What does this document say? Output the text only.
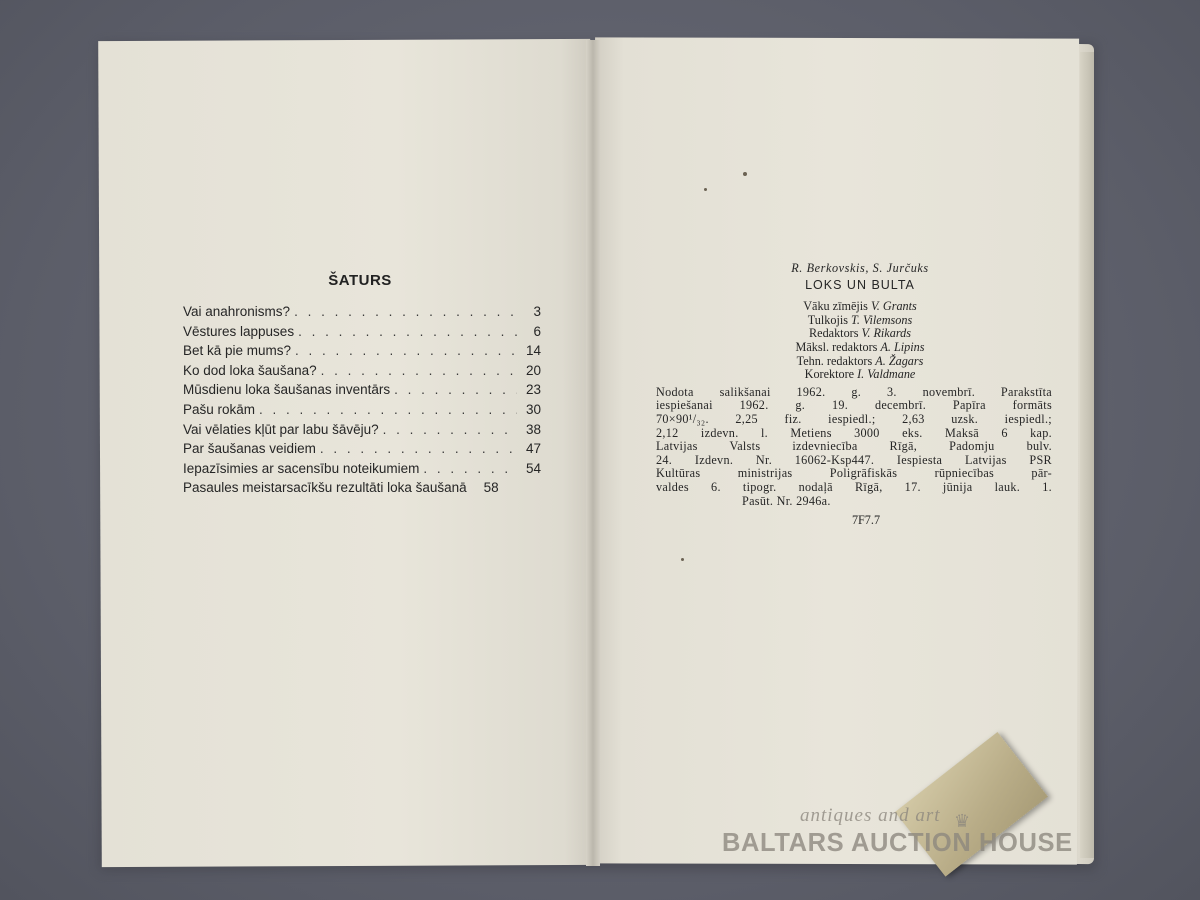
ŠATURS
Vai anahronisms? . . .	3
Vēstures lappuses . . .	6
Bet kā pie mums? . . .	14
Ko dod loka šaušana? . . .	20
Mūsdienu loka šaušanas inventārs . . .	23
Pašu rokām . . .	30
Vai vēlaties kļūt par labu šāvēju? . . .	38
Par šaušanas veidiem . . .	47
Iepazīsimies ar sacensību noteikumiem . . .	54
Pasaules meistarsacīkšu rezultāti loka šaušanā	58
R. Berkovskis, S. Jurčuks
LOKS UN BULTA
Vāku zīmējis V. Grants
Tulkojis T. Vilemsons
Redaktors V. Rikards
Māksl. redaktors A. Lipins
Tehn. redaktors A. Žagars
Korektore I. Valdmane
Nodota salikšanai 1962. g. 3. novembrī. Parakstīta
iespiešanai 1962. g. 19. decembrī. Papīra formāts
70×90¹/₃₂. 2,25 fiz. iespiedl.; 2,63 uzsk. iespiedl.;
2,12 izdevn. l. Metiens 3000 eks. Maksā 6 kap.
Latvijas Valsts izdevniecība Rīgā, Padomju bulv.
24. Izdevn. Nr. 16062-Ksp447. Iespiesta Latvijas PSR
Kultūras ministrijas Poligrāfiskās rūpniecības pār-
valdes 6. tipogr. nodaļā Rīgā, 17. jūnija lauk. 1.
Pasūt. Nr. 2946a.
7F7.7
antiques and art ♛
BALTARS AUCTION HOUSE
